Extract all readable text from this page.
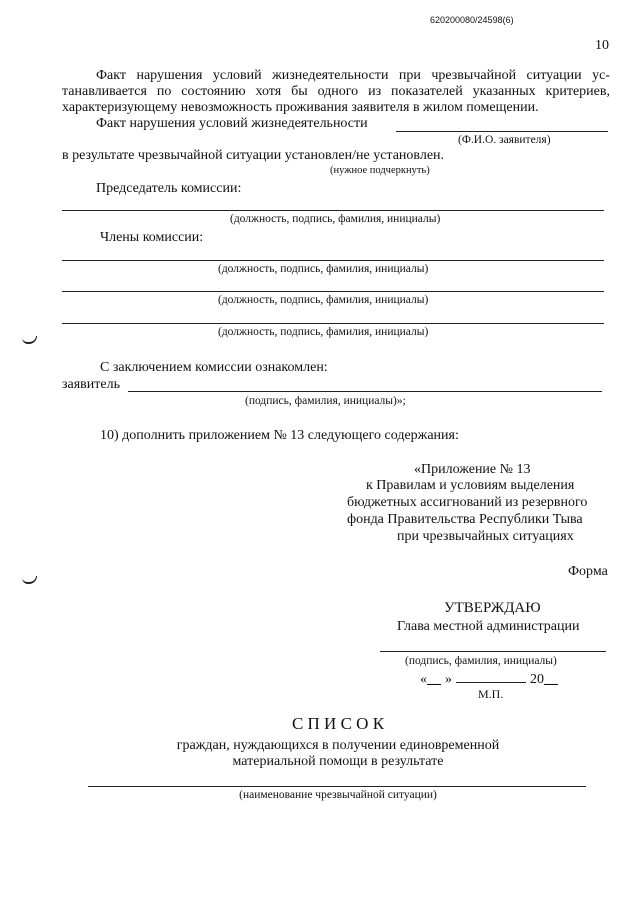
620200080/24598(6)
10
Факт нарушения условий жизнедеятельности при чрезвычайной ситуации ус-
танавливается по состоянию хотя бы одного из показателей указанных критериев,
характеризующему невозможность проживания заявителя в жилом помещении.
Факт нарушения условий жизнедеятельности
(Ф.И.О. заявителя)
в результате чрезвычайной ситуации установлен/не установлен.
(нужное подчеркнуть)
Председатель комиссии:
(должность, подпись, фамилия, инициалы)
Члены комиссии:
(должность, подпись, фамилия, инициалы)
(должность, подпись, фамилия, инициалы)
(должность, подпись, фамилия, инициалы)
С заключением комиссии ознакомлен:
заявитель
(подпись, фамилия, инициалы)»;
10) дополнить приложением № 13 следующего содержания:
«Приложение № 13
к Правилам и условиям выделения
бюджетных ассигнований из резервного
фонда Правительства Республики Тыва
при чрезвычайных ситуациях
Форма
УТВЕРЖДАЮ
Глава местной администрации
(подпись, фамилия, инициалы)
«__ »	20__
М.П.
С П И С О К
граждан, нуждающихся в получении единовременной
материальной помощи в результате
(наименование чрезвычайной ситуации)
